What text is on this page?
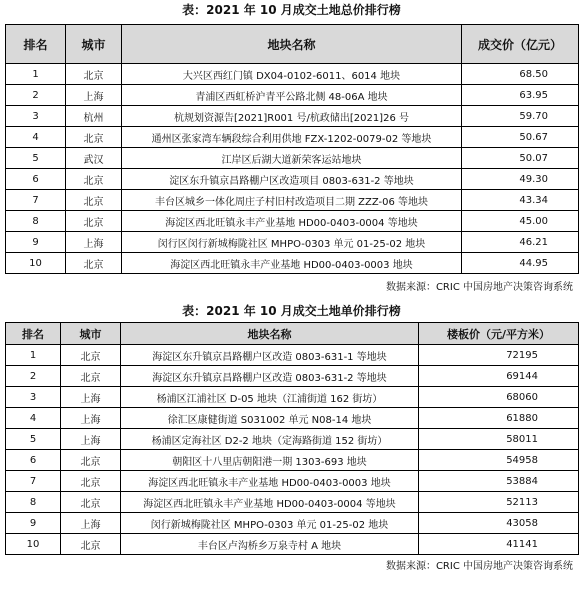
表：2021 年 10 月成交土地总价排行榜
排名	城市	地块名称	成交价（亿元）
1	北京	大兴区西红门镇 DX04-0102-6011、6014 地块	68.50
2	上海	青浦区西虹桥沪青平公路北侧 48-06A 地块	63.95
3	杭州	杭规划资源告[2021]R001 号/杭政储出[2021]26 号	59.70
4	北京	通州区张家湾车辆段综合利用供地 FZX-1202-0079-02 等地块	50.67
5	武汉	江岸区后湖大道新荣客运站地块	50.07
6	北京	淀区东升镇京昌路棚户区改造项目 0803-631-2 等地块	49.30
7	北京	丰台区城乡一体化周庄子村旧村改造项目二期 ZZZ-06 等地块	43.34
8	北京	海淀区西北旺镇永丰产业基地 HD00-0403-0004 等地块	45.00
9	上海	闵行区闵行新城梅陇社区 MHPO-0303 单元 01-25-02 地块	46.21
10	北京	海淀区西北旺镇永丰产业基地 HD00-0403-0003 地块	44.95
数据来源：CRIC 中国房地产决策咨询系统
表：2021 年 10 月成交土地单价排行榜
排名	城市	地块名称	楼板价（元/平方米）
1	北京	海淀区东升镇京昌路棚户区改造 0803-631-1 等地块	72195
2	北京	海淀区东升镇京昌路棚户区改造 0803-631-2 等地块	69144
3	上海	杨浦区江浦社区 D-05 地块（江浦街道 162 街坊）	68060
4	上海	徐汇区康健街道 S031002 单元 N08-14 地块	61880
5	上海	杨浦区定海社区 D2-2 地块（定海路街道 152 街坊）	58011
6	北京	朝阳区十八里店朝阳港一期 1303-693 地块	54958
7	北京	海淀区西北旺镇永丰产业基地 HD00-0403-0003 地块	53884
8	北京	海淀区西北旺镇永丰产业基地 HD00-0403-0004 等地块	52113
9	上海	闵行新城梅陇社区 MHPO-0303 单元 01-25-02 地块	43058
10	北京	丰台区卢沟桥乡万泉寺村 A 地块	41141
数据来源：CRIC 中国房地产决策咨询系统
